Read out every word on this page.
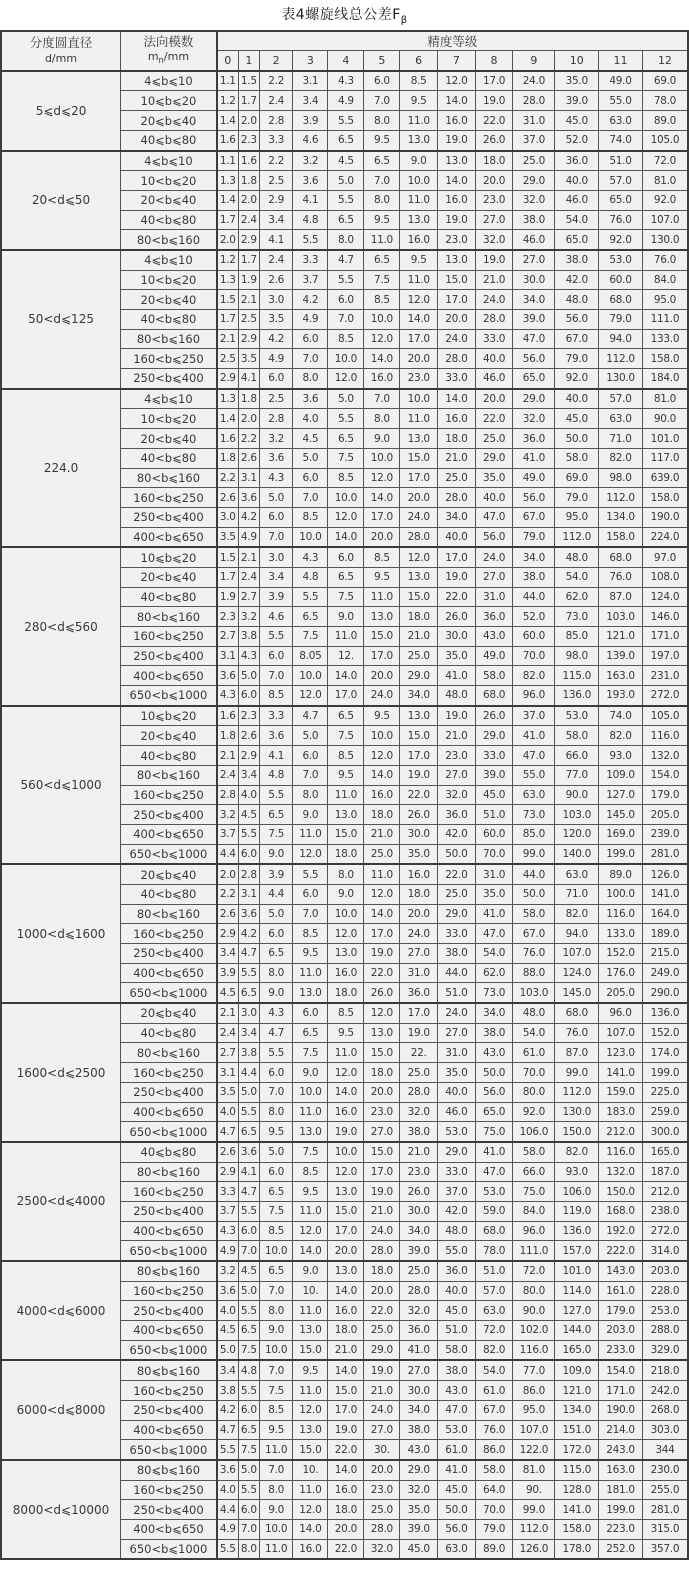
表4螺旋线总公差$F_\beta$
分度圆直径
d/mm

法向模数
$m_n/mm$
	精度等级
		0	1	2	3	4	5	6	7	8	9	10	11	12
5⩽d⩽20	4⩽b⩽10	1.1	1.5	2.2	3.1	4.3	6.0	8.5	12.0	17.0	24.0	35.0	49.0	69.0
	10⩽b⩽20	1.2	1.7	2.4	3.4	4.9	7.0	9.5	14.0	19.0	28.0	39.0	55.0	78.0
	20⩽b⩽40	1.4	2.0	2.8	3.9	5.5	8.0	11.0	16.0	22.0	31.0	45.0	63.0	89.0
	40⩽b⩽80	1.6	2.3	3.3	4.6	6.5	9.5	13.0	19.0	26.0	37.0	52.0	74.0	105.0
20<d⩽50	4⩽b⩽10	1.1	1.6	2.2	3.2	4.5	6.5	9.0	13.0	18.0	25.0	36.0	51.0	72.0
	10<b⩽20	1.3	1.8	2.5	3.6	5.0	7.0	10.0	14.0	20.0	29.0	40.0	57.0	81.0
	20<b⩽40	1.4	2.0	2.9	4.1	5.5	8.0	11.0	16.0	23.0	32.0	46.0	65.0	92.0
	40<b⩽80	1.7	2.4	3.4	4.8	6.5	9.5	13.0	19.0	27.0	38.0	54.0	76.0	107.0
	80<b⩽160	2.0	2.9	4.1	5.5	8.0	11.0	16.0	23.0	32.0	46.0	65.0	92.0	130.0
50<d⩽125	4⩽b⩽10	1.2	1.7	2.4	3.3	4.7	6.5	9.5	13.0	19.0	27.0	38.0	53.0	76.0
	10<b⩽20	1.3	1.9	2.6	3.7	5.5	7.5	11.0	15.0	21.0	30.0	42.0	60.0	84.0
	20<b⩽40	1.5	2.1	3.0	4.2	6.0	8.5	12.0	17.0	24.0	34.0	48.0	68.0	95.0
	40<b⩽80	1.7	2.5	3.5	4.9	7.0	10.0	14.0	20.0	28.0	39.0	56.0	79.0	111.0
	80<b⩽160	2.1	2.9	4.2	6.0	8.5	12.0	17.0	24.0	33.0	47.0	67.0	94.0	133.0
	160<b⩽250	2.5	3.5	4.9	7.0	10.0	14.0	20.0	28.0	40.0	56.0	79.0	112.0	158.0
	250<b⩽400	2.9	4.1	6.0	8.0	12.0	16.0	23.0	33.0	46.0	65.0	92.0	130.0	184.0
224.0	4⩽b⩽10	1.3	1.8	2.5	3.6	5.0	7.0	10.0	14.0	20.0	29.0	40.0	57.0	81.0
	10<b⩽20	1.4	2.0	2.8	4.0	5.5	8.0	11.0	16.0	22.0	32.0	45.0	63.0	90.0
	20<b⩽40	1.6	2.2	3.2	4.5	6.5	9.0	13.0	18.0	25.0	36.0	50.0	71.0	101.0
	40<b⩽80	1.8	2.6	3.6	5.0	7.5	10.0	15.0	21.0	29.0	41.0	58.0	82.0	117.0
	80<b⩽160	2.2	3.1	4.3	6.0	8.5	12.0	17.0	25.0	35.0	49.0	69.0	98.0	639.0
	160<b⩽250	2.6	3.6	5.0	7.0	10.0	14.0	20.0	28.0	40.0	56.0	79.0	112.0	158.0
	250<b⩽400	3.0	4.2	6.0	8.5	12.0	17.0	24.0	34.0	47.0	67.0	95.0	134.0	190.0
	400<b⩽650	3.5	4.9	7.0	10.0	14.0	20.0	28.0	40.0	56.0	79.0	112.0	158.0	224.0
280<d⩽560	10⩽b⩽20	1.5	2.1	3.0	4.3	6.0	8.5	12.0	17.0	24.0	34.0	48.0	68.0	97.0
	20<b⩽40	1.7	2.4	3.4	4.8	6.5	9.5	13.0	19.0	27.0	38.0	54.0	76.0	108.0
	40<b⩽80	1.9	2.7	3.9	5.5	7.5	11.0	15.0	22.0	31.0	44.0	62.0	87.0	124.0
	80<b⩽160	2.3	3.2	4.6	6.5	9.0	13.0	18.0	26.0	36.0	52.0	73.0	103.0	146.0
	160<b⩽250	2.7	3.8	5.5	7.5	11.0	15.0	21.0	30.0	43.0	60.0	85.0	121.0	171.0
	250<b⩽400	3.1	4.3	6.0	8.05	12.	17.0	25.0	35.0	49.0	70.0	98.0	139.0	197.0
	400<b⩽650	3.6	5.0	7.0	10.0	14.0	20.0	29.0	41.0	58.0	82.0	115.0	163.0	231.0
	650<b⩽1000	4.3	6.0	8.5	12.0	17.0	24.0	34.0	48.0	68.0	96.0	136.0	193.0	272.0
560<d⩽1000	10⩽b⩽20	1.6	2.3	3.3	4.7	6.5	9.5	13.0	19.0	26.0	37.0	53.0	74.0	105.0
	20<b⩽40	1.8	2.6	3.6	5.0	7.5	10.0	15.0	21.0	29.0	41.0	58.0	82.0	116.0
	40<b⩽80	2.1	2.9	4.1	6.0	8.5	12.0	17.0	23.0	33.0	47.0	66.0	93.0	132.0
	80<b⩽160	2.4	3.4	4.8	7.0	9.5	14.0	19.0	27.0	39.0	55.0	77.0	109.0	154.0
	160<b⩽250	2.8	4.0	5.5	8.0	11.0	16.0	22.0	32.0	45.0	63.0	90.0	127.0	179.0
	250<b⩽400	3.2	4.5	6.5	9.0	13.0	18.0	26.0	36.0	51.0	73.0	103.0	145.0	205.0
	400<b⩽650	3.7	5.5	7.5	11.0	15.0	21.0	30.0	42.0	60.0	85.0	120.0	169.0	239.0
	650<b⩽1000	4.4	6.0	9.0	12.0	18.0	25.0	35.0	50.0	70.0	99.0	140.0	199.0	281.0
1000<d⩽1600	20⩽b⩽40	2.0	2.8	3.9	5.5	8.0	11.0	16.0	22.0	31.0	44.0	63.0	89.0	126.0
	40<b⩽80	2.2	3.1	4.4	6.0	9.0	12.0	18.0	25.0	35.0	50.0	71.0	100.0	141.0
	80<b⩽160	2.6	3.6	5.0	7.0	10.0	14.0	20.0	29.0	41.0	58.0	82.0	116.0	164.0
	160<b⩽250	2.9	4.2	6.0	8.5	12.0	17.0	24.0	33.0	47.0	67.0	94.0	133.0	189.0
	250<b⩽400	3.4	4.7	6.5	9.5	13.0	19.0	27.0	38.0	54.0	76.0	107.0	152.0	215.0
	400<b⩽650	3.9	5.5	8.0	11.0	16.0	22.0	31.0	44.0	62.0	88.0	124.0	176.0	249.0
	650<b⩽1000	4.5	6.5	9.0	13.0	18.0	26.0	36.0	51.0	73.0	103.0	145.0	205.0	290.0
1600<d⩽2500	20⩽b⩽40	2.1	3.0	4.3	6.0	8.5	12.0	17.0	24.0	34.0	48.0	68.0	96.0	136.0
	40<b⩽80	2.4	3.4	4.7	6.5	9.5	13.0	19.0	27.0	38.0	54.0	76.0	107.0	152.0
	80<b⩽160	2.7	3.8	5.5	7.5	11.0	15.0	22.	31.0	43.0	61.0	87.0	123.0	174.0
	160<b⩽250	3.1	4.4	6.0	9.0	12.0	18.0	25.0	35.0	50.0	70.0	99.0	141.0	199.0
	250<b⩽400	3.5	5.0	7.0	10.0	14.0	20.0	28.0	40.0	56.0	80.0	112.0	159.0	225.0
	400<b⩽650	4.0	5.5	8.0	11.0	16.0	23.0	32.0	46.0	65.0	92.0	130.0	183.0	259.0
	650<b⩽1000	4.7	6.5	9.5	13.0	19.0	27.0	38.0	53.0	75.0	106.0	150.0	212.0	300.0
2500<d⩽4000	40⩽b⩽80	2.6	3.6	5.0	7.5	10.0	15.0	21.0	29.0	41.0	58.0	82.0	116.0	165.0
	80<b⩽160	2.9	4.1	6.0	8.5	12.0	17.0	23.0	33.0	47.0	66.0	93.0	132.0	187.0
	160<b⩽250	3.3	4.7	6.5	9.5	13.0	19.0	26.0	37.0	53.0	75.0	106.0	150.0	212.0
	250<b⩽400	3.7	5.5	7.5	11.0	15.0	21.0	30.0	42.0	59.0	84.0	119.0	168.0	238.0
	400<b⩽650	4.3	6.0	8.5	12.0	17.0	24.0	34.0	48.0	68.0	96.0	136.0	192.0	272.0
	650<b⩽1000	4.9	7.0	10.0	14.0	20.0	28.0	39.0	55.0	78.0	111.0	157.0	222.0	314.0
4000<d⩽6000	80⩽b⩽160	3.2	4.5	6.5	9.0	13.0	18.0	25.0	36.0	51.0	72.0	101.0	143.0	203.0
	160<b⩽250	3.6	5.0	7.0	10.	14.0	20.0	28.0	40.0	57.0	80.0	114.0	161.0	228.0
	250<b⩽400	4.0	5.5	8.0	11.0	16.0	22.0	32.0	45.0	63.0	90.0	127.0	179.0	253.0
	400<b⩽650	4.5	6.5	9.0	13.0	18.0	25.0	36.0	51.0	72.0	102.0	144.0	203.0	288.0
	650<b⩽1000	5.0	7.5	10.0	15.0	21.0	29.0	41.0	58.0	82.0	116.0	165.0	233.0	329.0
6000<d⩽8000	80⩽b⩽160	3.4	4.8	7.0	9.5	14.0	19.0	27.0	38.0	54.0	77.0	109.0	154.0	218.0
	160<b⩽250	3.8	5.5	7.5	11.0	15.0	21.0	30.0	43.0	61.0	86.0	121.0	171.0	242.0
	250<b⩽400	4.2	6.0	8.5	12.0	17.0	24.0	34.0	47.0	67.0	95.0	134.0	190.0	268.0
	400<b⩽650	4.7	6.5	9.5	13.0	19.0	27.0	38.0	53.0	76.0	107.0	151.0	214.0	303.0
	650<b⩽1000	5.5	7.5	11.0	15.0	22.0	30.	43.0	61.0	86.0	122.0	172.0	243.0	344
8000<d⩽10000	80⩽b⩽160	3.6	5.0	7.0	10.	14.0	20.0	29.0	41.0	58.0	81.0	115.0	163.0	230.0
	160<b⩽250	4.0	5.5	8.0	11.0	16.0	23.0	32.0	45.0	64.0	90.	128.0	181.0	255.0
	250<b⩽400	4.4	6.0	9.0	12.0	18.0	25.0	35.0	50.0	70.0	99.0	141.0	199.0	281.0
	400<b⩽650	4.9	7.0	10.0	14.0	20.0	28.0	39.0	56.0	79.0	112.0	158.0	223.0	315.0
	650<b⩽1000	5.5	8.0	11.0	16.0	22.0	32.0	45.0	63.0	89.0	126.0	178.0	252.0	357.0
